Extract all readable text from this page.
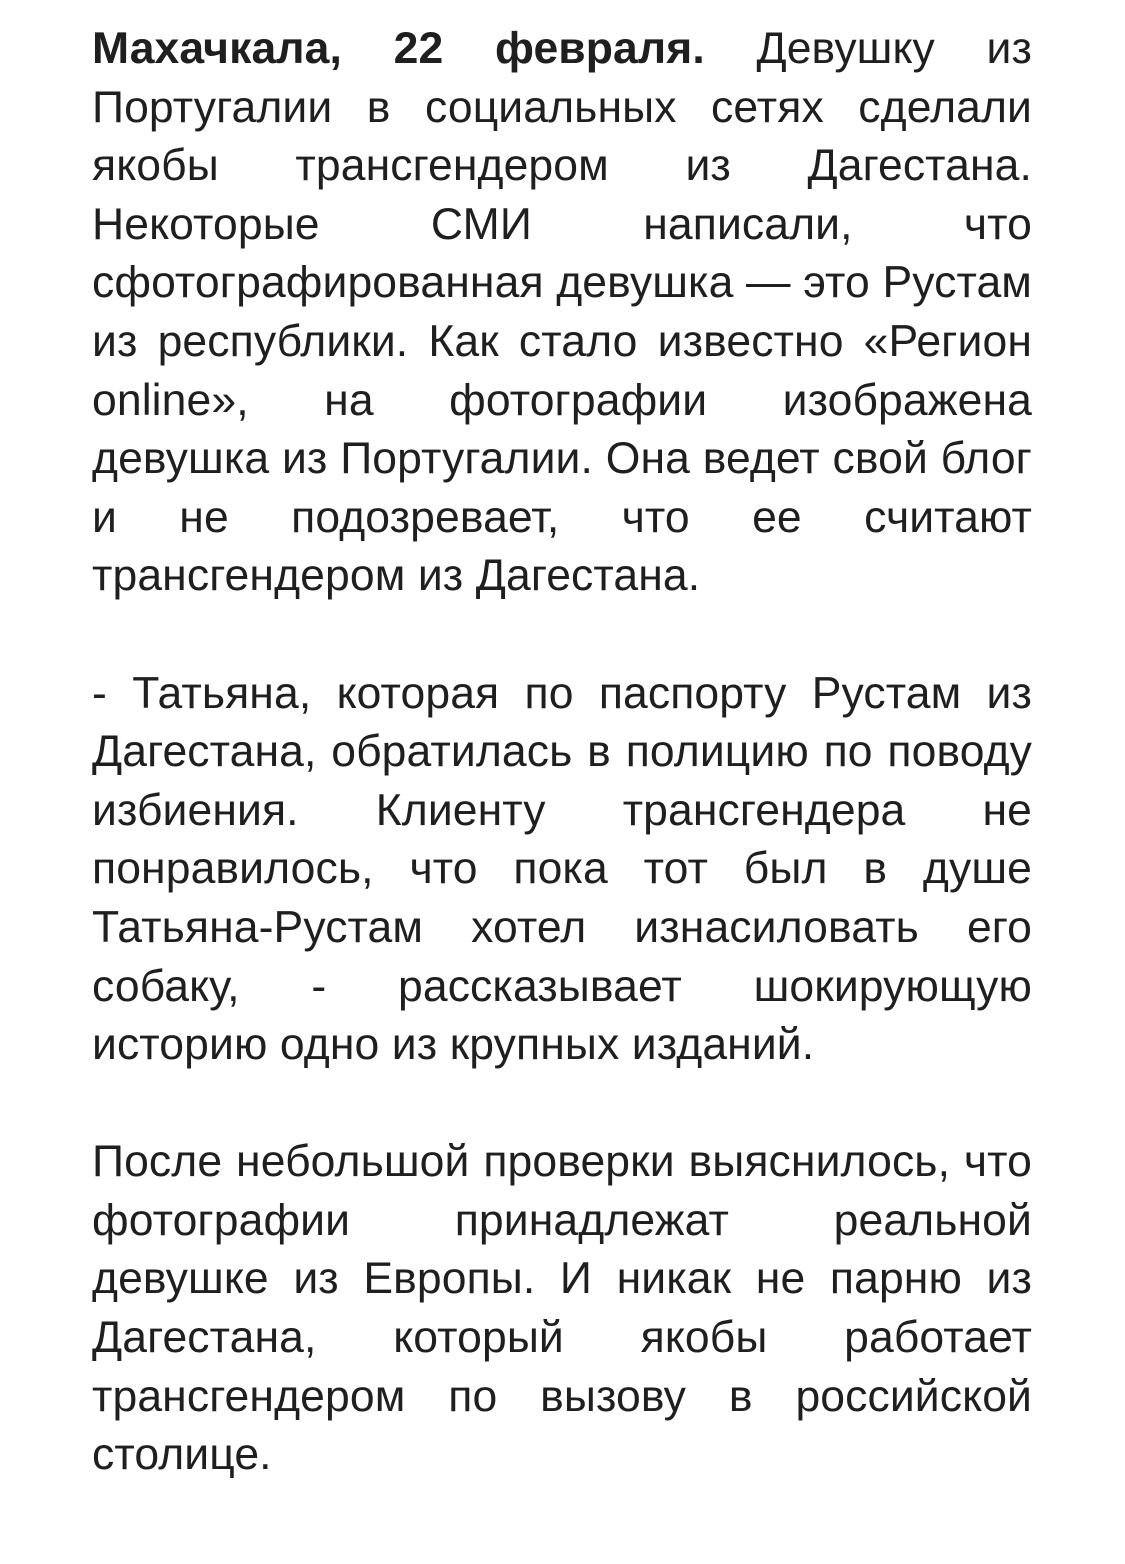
Махачкала, 22 февраля. Девушку из Португалии в социальных сетях сделали якобы трансгендером из Дагестана. Некоторые СМИ написали, что сфотографированная девушка — это Рустам из республики. Как стало известно «Регион online», на фотографии изображена девушка из Португалии. Она ведет свой блог и не подозревает, что ее считают трансгендером из Дагестана.

- Татьяна, которая по паспорту Рустам из Дагестана, обратилась в полицию по поводу избиения. Клиенту трансгендера не понравилось, что пока тот был в душе Татьяна-Рустам хотел изнасиловать его собаку, - рассказывает шокирующую историю одно из крупных изданий.

После небольшой проверки выяснилось, что фотографии принадлежат реальной девушке из Европы. И никак не парню из Дагестана, который якобы работает трансгендером по вызову в российской столице.
